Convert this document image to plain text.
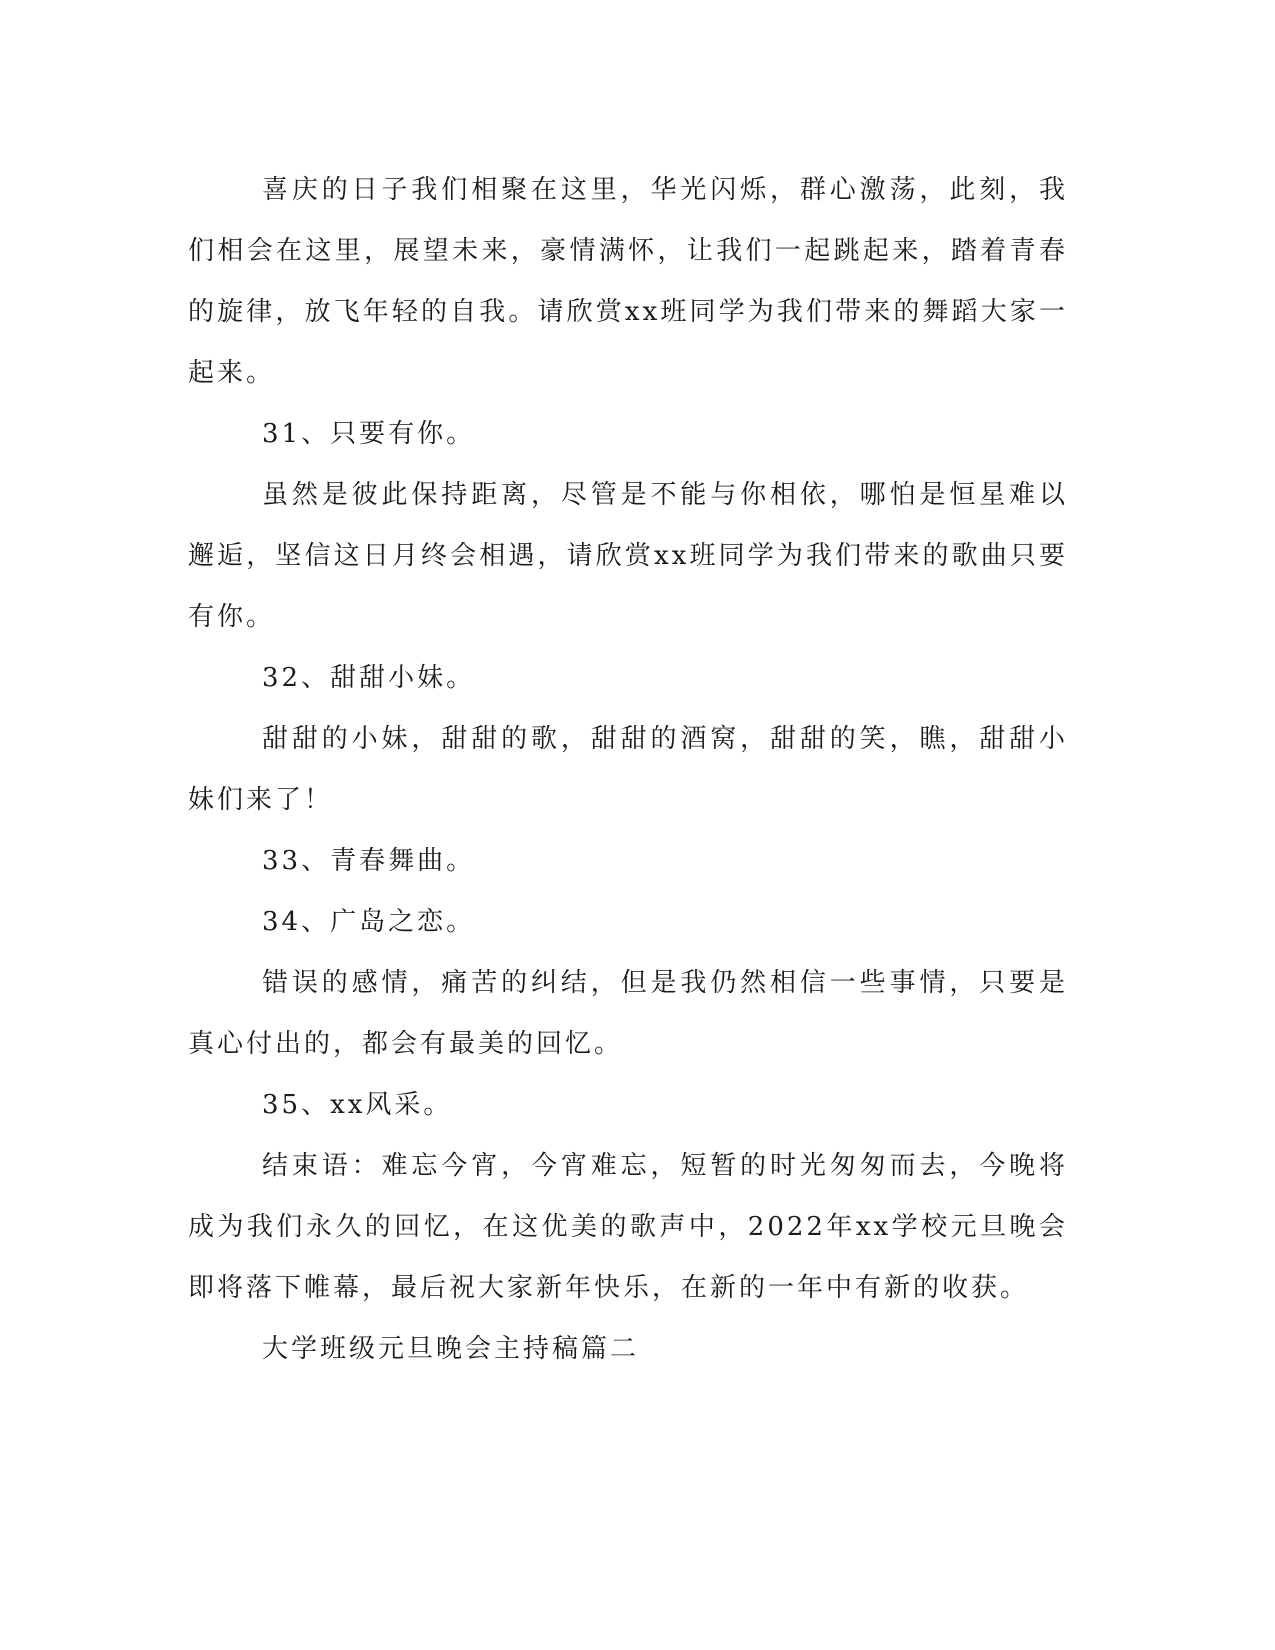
喜庆的日子我们相聚在这里，华光闪烁，群心激荡，此刻，我们相会在这里，展望未来，豪情满怀，让我们一起跳起来，踏着青春的旋律，放飞年轻的自我。请欣赏xx班同学为我们带来的舞蹈大家一起来。

31、只要有你。

虽然是彼此保持距离，尽管是不能与你相依，哪怕是恒星难以邂逅，坚信这日月终会相遇，请欣赏xx班同学为我们带来的歌曲只要有你。

32、甜甜小妹。

甜甜的小妹，甜甜的歌，甜甜的酒窝，甜甜的笑，瞧，甜甜小妹们来了！

33、青春舞曲。

34、广岛之恋。

错误的感情，痛苦的纠结，但是我仍然相信一些事情，只要是真心付出的，都会有最美的回忆。

35、xx风采。

结束语：难忘今宵，今宵难忘，短暂的时光匆匆而去，今晚将成为我们永久的回忆，在这优美的歌声中，2022年xx学校元旦晚会即将落下帷幕，最后祝大家新年快乐，在新的一年中有新的收获。

大学班级元旦晚会主持稿篇二
